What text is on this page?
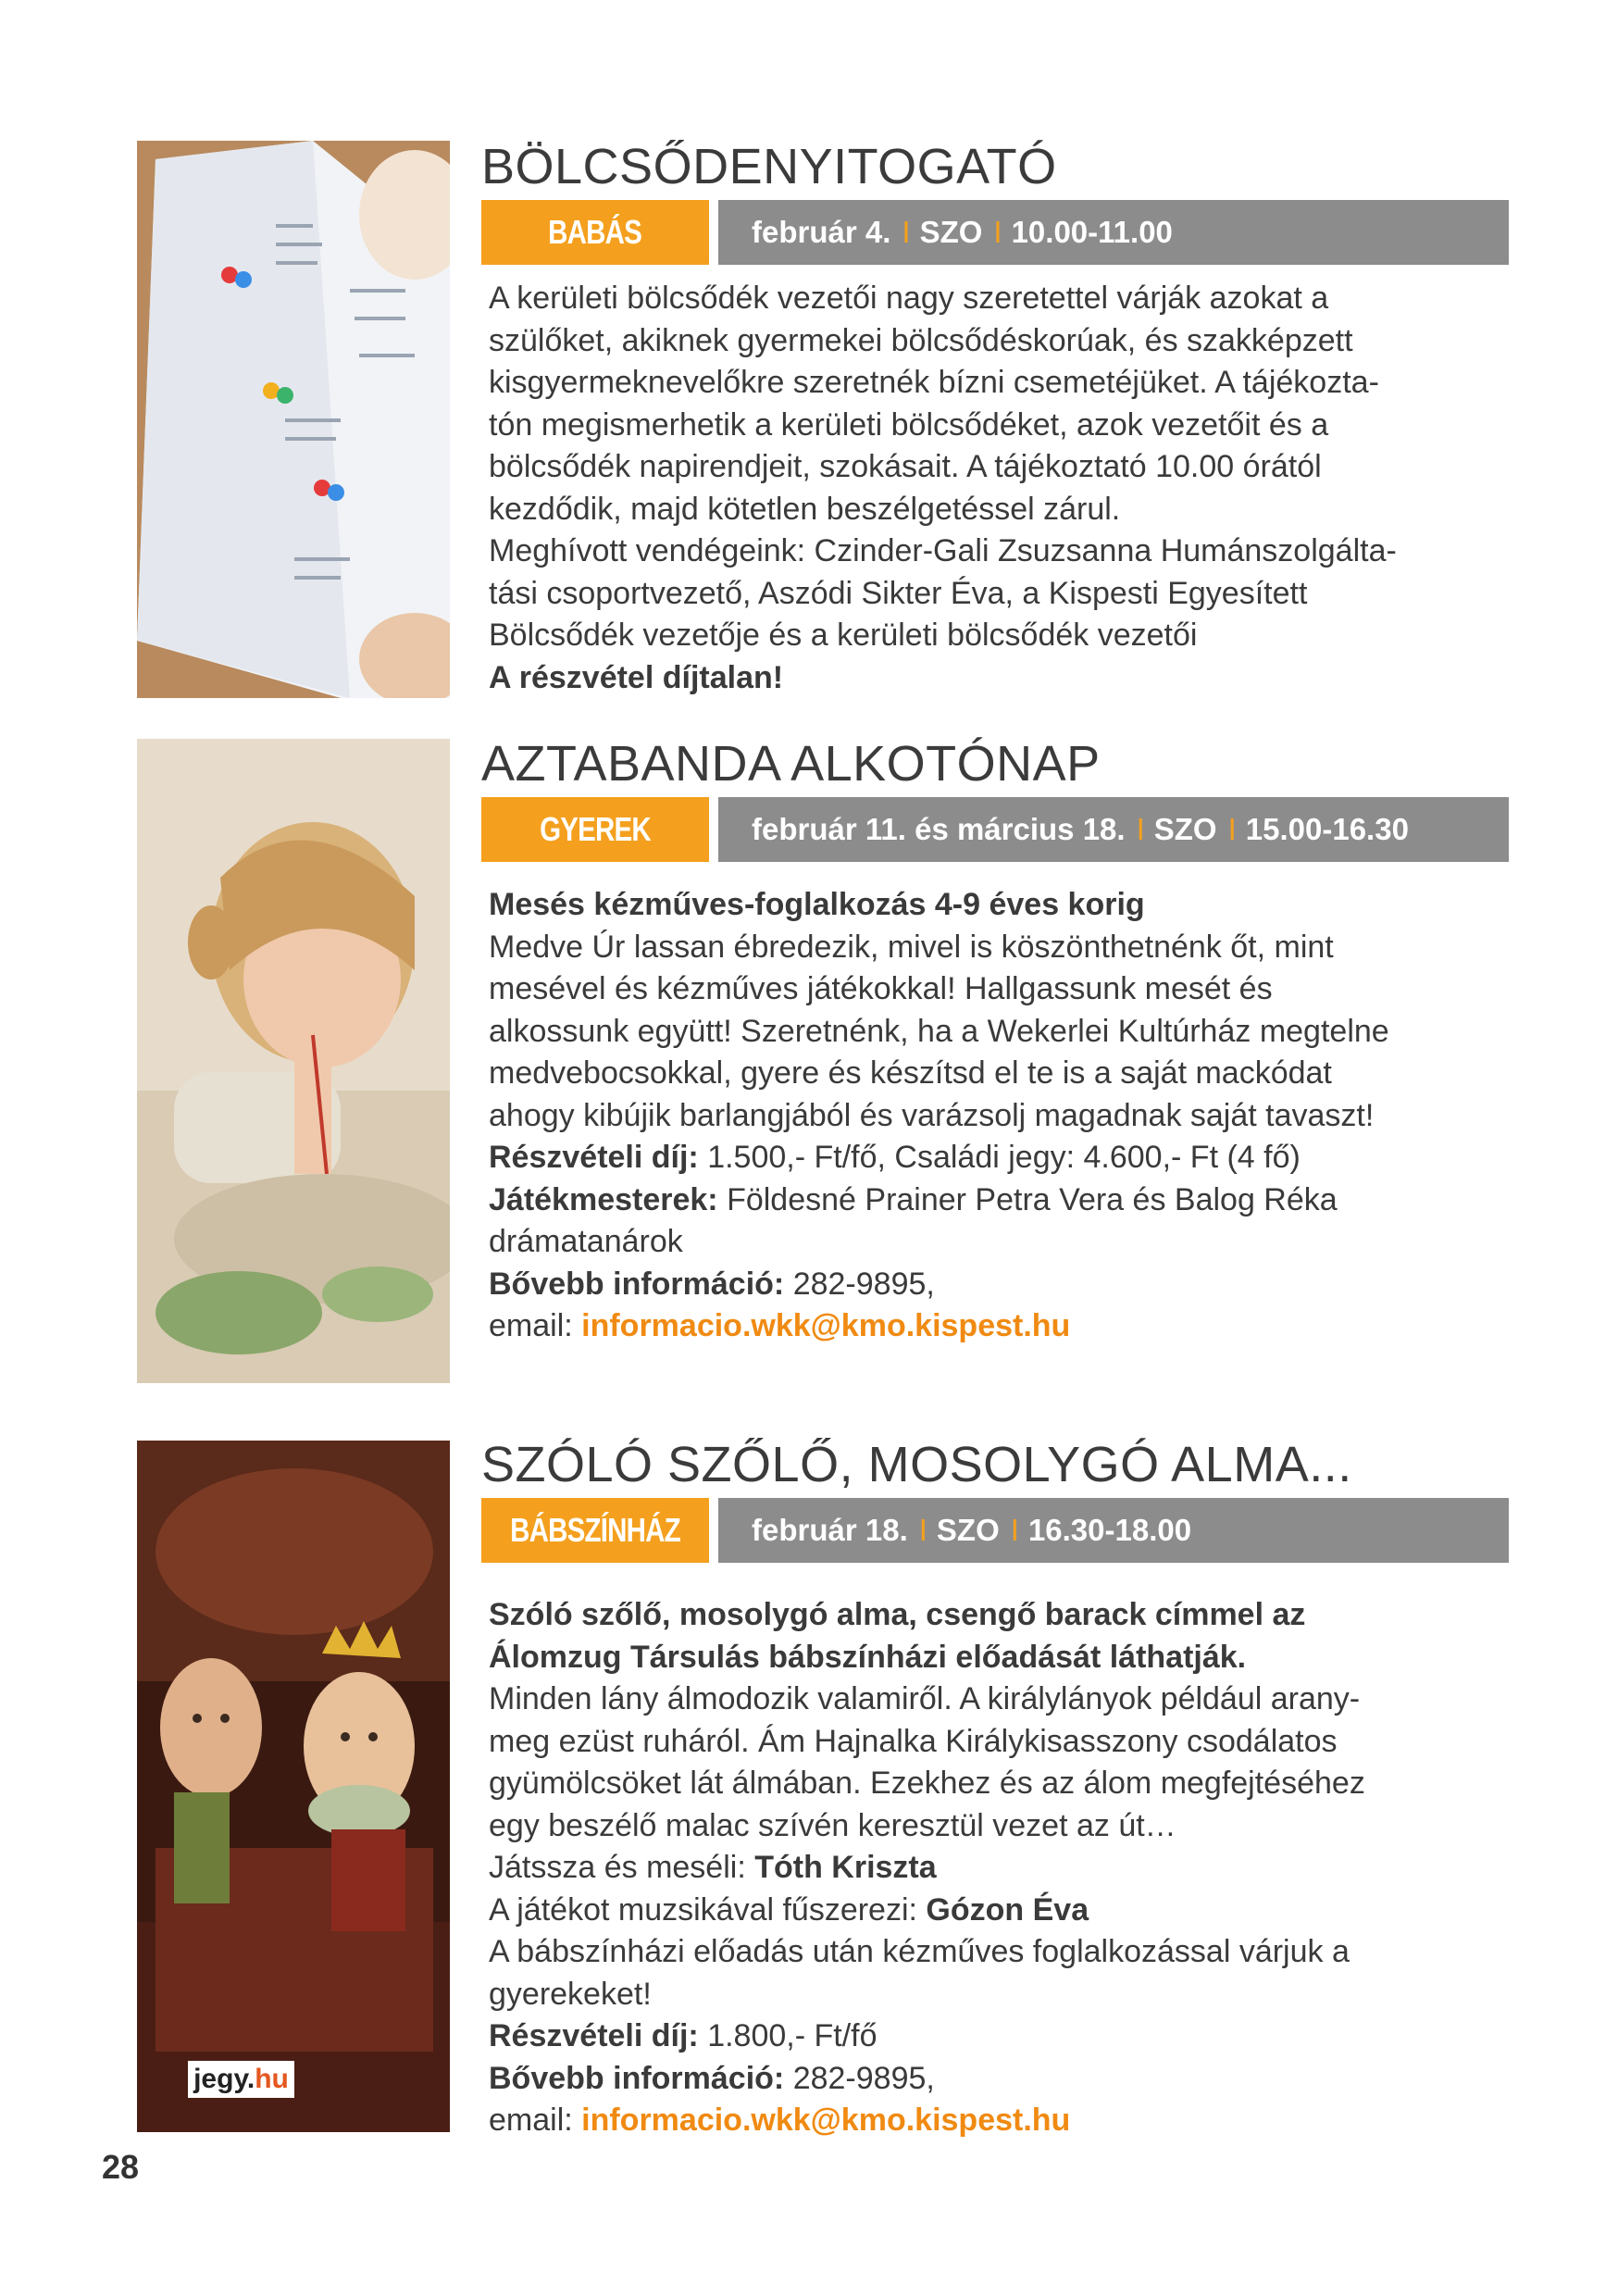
BÖLCSŐDENYITOGATÓ
BABÁS	február 4. I SZO I 10.00-11.00

A kerületi bölcsődék vezetői nagy szeretettel várják azokat a

szülőket, akiknek gyermekei bölcsődéskorúak, és szakképzett

kisgyermeknevelőkre szeretnék bízni csemetéjüket. A tájékozta-

tón megismerhetik a kerületi bölcsődéket, azok vezetőit és a

bölcsődék napirendjeit, szokásait. A tájékoztató 10.00 órától

kezdődik, majd kötetlen beszélgetéssel zárul.

Meghívott vendégeink: Czinder-Gali Zsuzsanna Humánszolgálta-

tási csoportvezető, Aszódi Sikter Éva, a Kispesti Egyesített

Bölcsődék vezetője és a kerületi bölcsődék vezetői

A részvétel díjtalan!

AZTABANDA ALKOTÓNAP
GYEREK	február 11. és március 18. I SZO I 15.00-16.30

Mesés kézműves-foglalkozás 4-9 éves korig

Medve Úr lassan ébredezik, mivel is köszönthetnénk őt, mint

mesével és kézműves játékokkal! Hallgassunk mesét és

alkossunk együtt! Szeretnénk, ha a Wekerlei Kultúrház megtelne

medvebocsokkal, gyere és készítsd el te is a saját mackódat

ahogy kibújik barlangjából és varázsolj magadnak saját tavaszt!

Részvételi díj: 1.500,- Ft/fő, Családi jegy: 4.600,- Ft (4 fő)

Játékmesterek: Földesné Prainer Petra Vera és Balog Réka

drámatanárok

Bővebb információ: 282-9895,

email: informacio.wkk@kmo.kispest.hu

jegy.hu
SZÓLÓ SZŐLŐ, MOSOLYGÓ ALMA...
BÁBSZÍNHÁZ	február 18. I SZO I 16.30-18.00

Szóló szőlő, mosolygó alma, csengő barack címmel az

Álomzug Társulás bábszínházi előadását láthatják.

Minden lány álmodozik valamiről. A királylányok például arany-

meg ezüst ruháról. Ám Hajnalka Királykisasszony csodálatos

gyümölcsöket lát álmában. Ezekhez és az álom megfejtéséhez

egy beszélő malac szívén keresztül vezet az út…

Játssza és meséli: Tóth Kriszta

A játékot muzsikával fűszerezi: Gózon Éva

A bábszínházi előadás után kézműves foglalkozással várjuk a

gyerekeket!

Részvételi díj: 1.800,- Ft/fő

Bővebb információ: 282-9895,

email: informacio.wkk@kmo.kispest.hu

28
